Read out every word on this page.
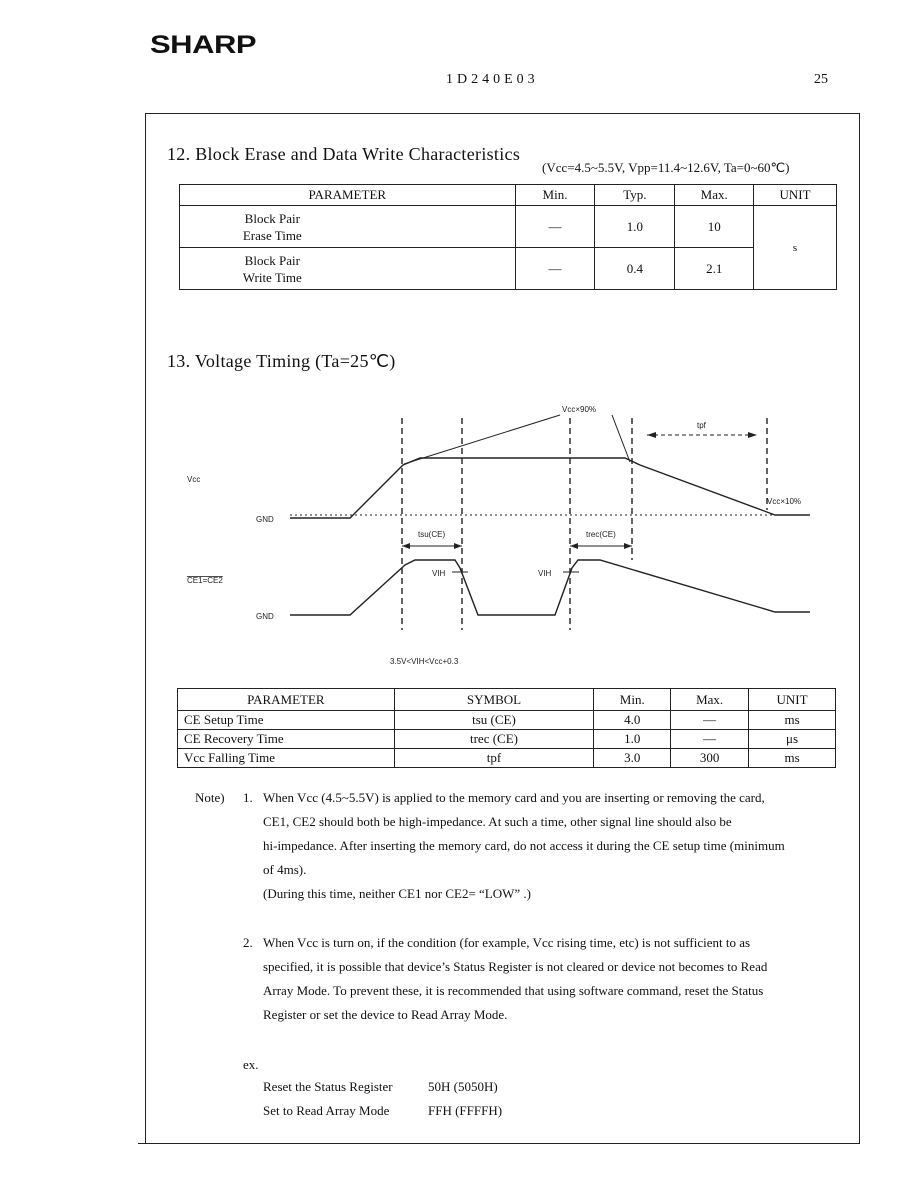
SHARP
1D240E03	25
12. Block Erase and Data Write Characteristics
(Vcc=4.5~5.5V, Vpp=11.4~12.6V, Ta=0~60℃)
PARAMETER	Min.	Typ.	Max.	UNIT

Block Pair
Erase Time	—	1.0	10	s

Block Pair
Write Time	—	0.4	2.1	
13. Voltage Timing (Ta=25℃)
Vcc
Vcc×90%
tpf
Vcc×10%
GND
tsu(CE)	trec(CE)
CE1=CE2
VIH	VIH
GND
3.5V<VIH<Vcc+0.3
PARAMETER	SYMBOL	Min.	Max.	UNIT
CE Setup Time	tsu (CE)	4.0	—	ms
CE Recovery Time	trec (CE)	1.0	—	μs
Vcc Falling Time	tpf	3.0	300	ms
Note) 1. When Vcc (4.5~5.5V) is applied to the memory card and you are inserting or removing the card,
CE1, CE2 should both be high-impedance. At such a time, other signal line should also be
hi-impedance. After inserting the memory card, do not access it during the CE setup time (minimum
of 4ms).
(During this time, neither CE1 nor CE2= “LOW” .)
2. When Vcc is turn on, if the condition (for example, Vcc rising time, etc) is not sufficient to as
specified, it is possible that device’s Status Register is not cleared or device not becomes to Read
Array Mode. To prevent these, it is recommended that using software command, reset the Status
Register or set the device to Read Array Mode.
ex.
Reset the Status Register	50H (5050H)
Set to Read Array Mode	FFH (FFFFH)
